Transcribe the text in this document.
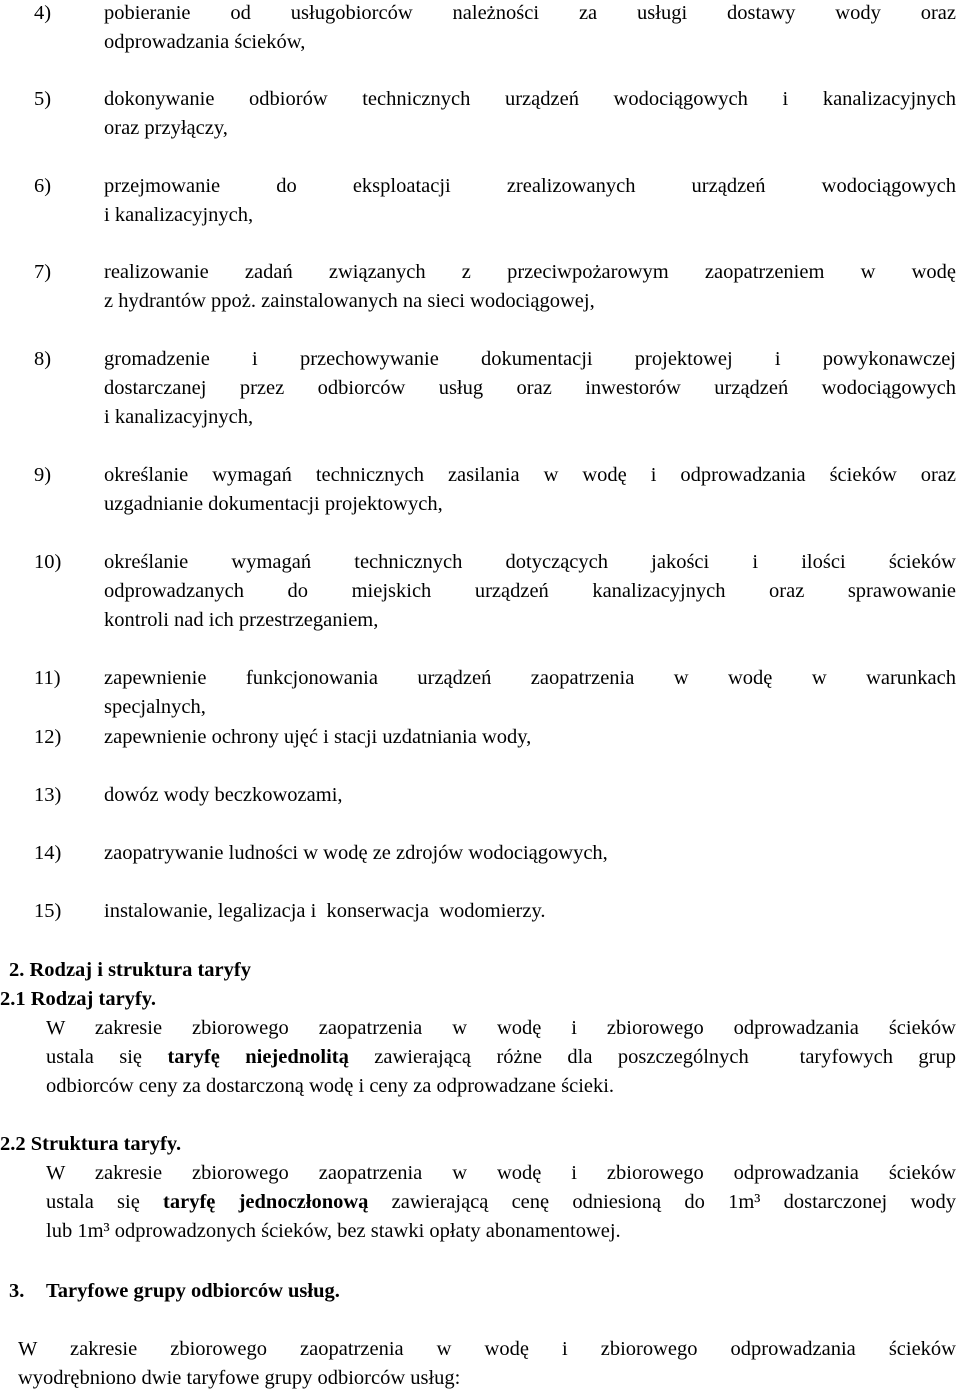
4)	pobieranie od usługobiorców należności za usługi dostawy wody oraz
odprowadzania ścieków,
5)	dokonywanie odbiorów technicznych urządzeń wodociągowych i kanalizacyjnych
oraz przyłączy,
6)	przejmowanie do eksploatacji zrealizowanych urządzeń wodociągowych
i kanalizacyjnych,
7)	realizowanie zadań związanych z przeciwpożarowym zaopatrzeniem w wodę
z hydrantów ppoż. zainstalowanych na sieci wodociągowej,
8)	gromadzenie i przechowywanie dokumentacji projektowej i powykonawczej
dostarczanej przez odbiorców usług oraz inwestorów urządzeń wodociągowych
i kanalizacyjnych,
9)	określanie wymagań technicznych zasilania w wodę i odprowadzania ścieków oraz
uzgadnianie dokumentacji projektowych,
10) określanie wymagań technicznych dotyczących jakości i ilości ścieków
odprowadzanych do miejskich urządzeń kanalizacyjnych oraz sprawowanie
kontroli nad ich przestrzeganiem,
11) zapewnienie funkcjonowania urządzeń zaopatrzenia w wodę w warunkach
specjalnych,
12) zapewnienie ochrony ujęć i stacji uzdatniania wody,
13) dowóz wody beczkowozami,
14) zaopatrywanie ludności w wodę ze zdrojów wodociągowych,
15) instalowanie, legalizacja i  konserwacja  wodomierzy.
2. Rodzaj i struktura taryfy
2.1 Rodzaj taryfy.
W zakresie zbiorowego zaopatrzenia w wodę i zbiorowego odprowadzania ścieków
ustala się taryfę niejednolitą zawierającą różne dla poszczególnych  taryfowych grup
odbiorców ceny za dostarczoną wodę i ceny za odprowadzane ścieki.
2.2 Struktura taryfy.
W zakresie zbiorowego zaopatrzenia w wodę i zbiorowego odprowadzania ścieków
ustala się taryfę jednoczłonową zawierającą cenę odniesioną do 1m³ dostarczonej wody
lub 1m³ odprowadzonych ścieków, bez stawki opłaty abonamentowej.
3. Taryfowe grupy odbiorców usług.
W zakresie zbiorowego zaopatrzenia w wodę i zbiorowego odprowadzania ścieków
wyodrębniono dwie taryfowe grupy odbiorców usług:
